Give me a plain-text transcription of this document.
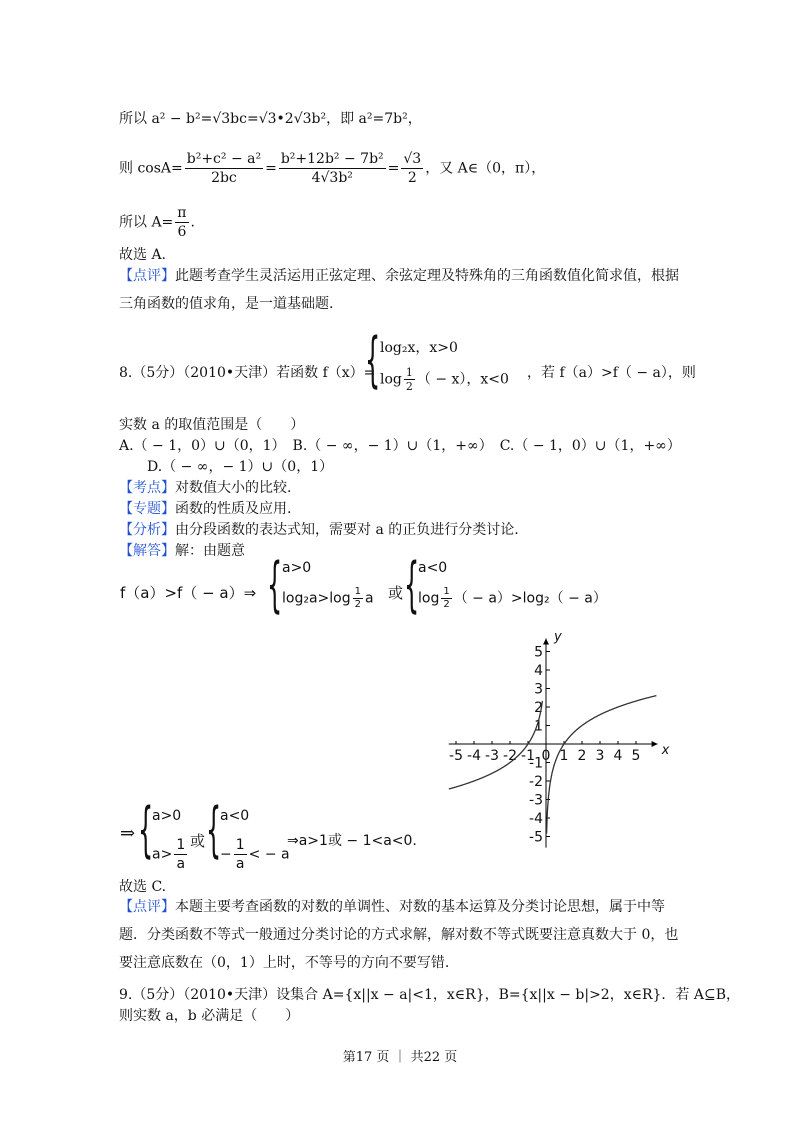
所以 a² − b²=√3bc=√3•2√3b²，即 a²=7b²，
则 $\cos A= \frac{\text{b²+c² − a²}}{2bc} = \frac{\text{b²+12b² − 7b²}}{\text{4√3b²}} = \frac{√3}{2}$ ，又 A∈（0，π），
所以 $A= \frac{\pi}{6}$ .
故选 A.
【点评】此题考查学生灵活运用正弦定理、余弦定理及特殊角的三角函数值化简求值，根据三角函数的值求角，是一道基础题.
8.（5分）（2010•天津）若函数 f（x）=
{ log₂x，x>0
$\log \frac{1}{2}$ （ − x），x<0 ，若 f（a）>f（ − a），则
实数 a 的取值范围是（　　）
A.（ − 1，0）∪（0，1）　B.（ − ∞，− 1）∪（1，+∞）　C.（ − 1，0）∪（1，+∞）
D.（ − ∞，− 1）∪（0，1）
【考点】对数值大小的比较.
【专题】函数的性质及应用.
【分析】由分段函数的表达式知，需要对 a 的正负进行分类讨论.
【解答】解：由题意
f（a）>f（ − a）⇒ { a>0
$\log_2a>\log \frac{1}{2}$ a 或 {
a<0
$\log \frac{1}{2}$ （ − a）>log₂（ − a）
-5 -4 -3 -2 -1 0 1 2 3 4 5
5
4
3
2
1
-1
-2
-3
-4
-5
x
y
⇒ {
a>0
$a> \frac{1}{a}$ 或 {
a<0
− $\frac{1}{a}$ < − a
⇒a>1或 − 1<a<0.
故选 C.
【点评】本题主要考查函数的对数的单调性、对数的基本运算及分类讨论思想，属于中等题．分类函数不等式一般通过分类讨论的方式求解，解对数不等式既要注意真数大于 0，也要注意底数在（0，1）上时，不等号的方向不要写错.
9.（5分）（2010•天津）设集合 A={x||x − a|<1，x∈R}，B={x||x − b|>2，x∈R}．若 A⊆B，
则实数 a，b 必满足（　　）
第17 页 ｜ 共22 页
